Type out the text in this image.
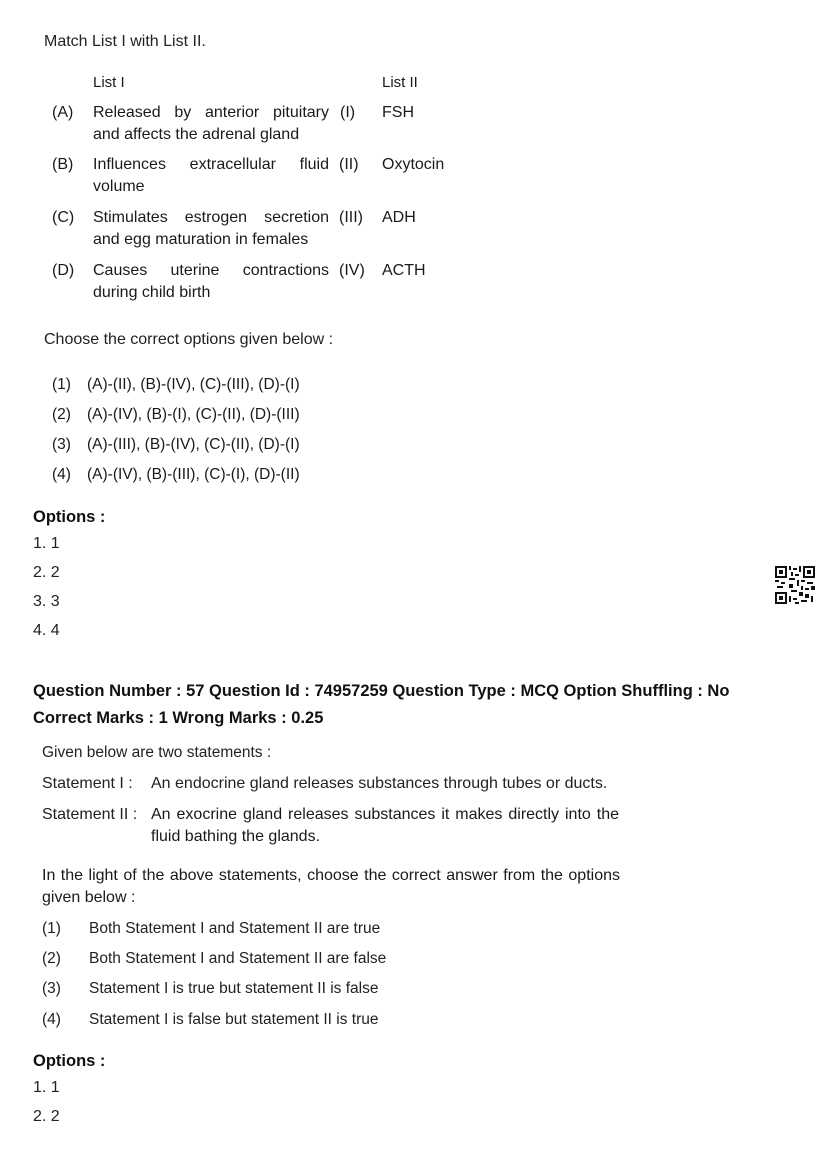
Match List I with List II.
List I	List II
(A) Released by anterior pituitary and affects the adrenal gland
(I) FSH
(B) Influences extracellular fluid volume
(II) Oxytocin
(C) Stimulates estrogen secretion and egg maturation in females
(III) ADH
(D) Causes uterine contractions during child birth
(IV) ACTH
Choose the correct options given below :
(1) (A)-(II), (B)-(IV), (C)-(III), (D)-(I)
(2) (A)-(IV), (B)-(I), (C)-(II), (D)-(III)
(3) (A)-(III), (B)-(IV), (C)-(II), (D)-(I)
(4) (A)-(IV), (B)-(III), (C)-(I), (D)-(II)
Options :
1. 1
2. 2
3. 3
4. 4
Question Number : 57 Question Id : 74957259 Question Type : MCQ Option Shuffling : No
Correct Marks : 1 Wrong Marks : 0.25
Given below are two statements :
Statement I : An endocrine gland releases substances through tubes or ducts.
Statement II : An exocrine gland releases substances it makes directly into the fluid bathing the glands.
In the light of the above statements, choose the correct answer from the options given below :
(1) Both Statement I and Statement II are true
(2) Both Statement I and Statement II are false
(3) Statement I is true but statement II is false
(4) Statement I is false but statement II is true
Options :
1. 1
2. 2
